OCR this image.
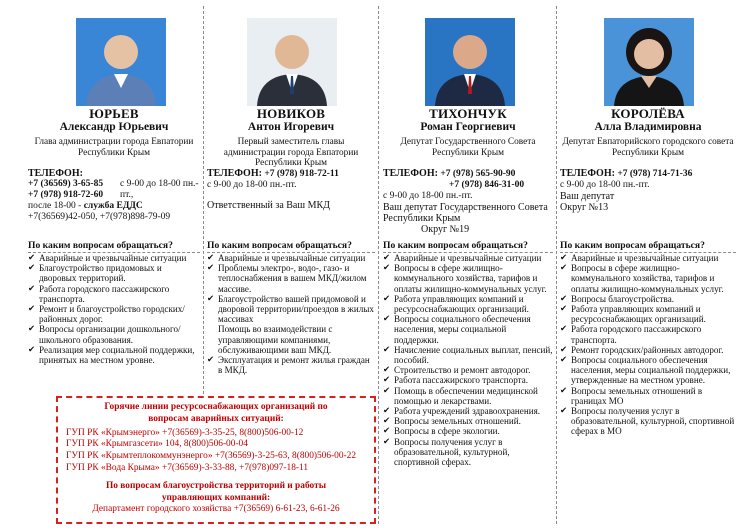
ЮРЬЕВ
Александр Юрьевич
Глава администрации города Евпатории Республики Крым
ТЕЛЕФОН:
+7 (36569) 3-65-85
+7 (978) 918-72-60
с 9-00 до 18-00 пн.-пт.,
после 18-00 - служба ЕДДС
+7(36569)42-050, +7(978)898-79-09
По каким вопросам обращаться?
✔ Аварийные и чрезвычайные ситуации
✔ Благоустройство придомовых и дворовых территорий.
✔ Работа городского пассажирского транспорта.
✔ Ремонт и благоустройство городских/районных дорог.
✔ Вопросы организации дошкольного/школьного образования.
✔ Реализация мер социальной поддержки, принятых на местном уровне.
НОВИКОВ
Антон Игоревич
Первый заместитель главы администрации города Евпатории Республики Крым
ТЕЛЕФОН: +7 (978) 918-72-11
с 9-00 до 18-00 пн.-пт.
Ответственный за Ваш МКД
По каким вопросам обращаться?
✔ Аварийные и чрезвычайные ситуации
✔ Проблемы электро-, водо-, газо- и теплоснабжения в вашем МКД/жилом массиве.
✔ Благоустройство вашей придомовой и дворовой территории/проездов в жилых массивах
Помощь во взаимодействии с управляющими компаниями, обслуживающими ваш МКД.
✔ Эксплуатация и ремонт жилья граждан в МКД.
ТИХОНЧУК
Роман Георгиевич
Депутат Государственного Совета Республики Крым
ТЕЛЕФОН: +7 (978) 565-90-90
+7 (978) 846-31-00
с 9-00 до 18-00 пн.-пт.
Ваш депутат Государственного Совета Республики Крым
Округ №19
По каким вопросам обращаться?
✔ Аварийные и чрезвычайные ситуации
✔ Вопросы в сфере жилищно-коммунального хозяйства, тарифов и оплаты жилищно-коммунальных услуг.
✔ Работа управляющих компаний и ресурсоснабжающих организаций.
✔ Вопросы социального обеспечения населения, меры социальной поддержки.
✔ Начисление социальных выплат, пенсий, пособий.
✔ Строительство и ремонт автодорог.
✔ Работа пассажирского транспорта.
✔ Помощь в обеспечении медицинской помощью и лекарствами.
✔ Работа учреждений здравоохранения.
✔ Вопросы земельных отношений.
✔ Вопросы в сфере экологии.
✔ Вопросы получения услуг в образовательной, культурной, спортивной сферах.
КОРОЛЁВА
Алла Владимировна
Депутат Евпаторийского городского совета Республики Крым
ТЕЛЕФОН: +7 (978) 714-71-36
с 9-00 до 18-00 пн.-пт.
Ваш депутат
Округ №13
По каким вопросам обращаться?
✔ Аварийные и чрезвычайные ситуации
✔ Вопросы в сфере жилищно-коммунального хозяйства, тарифов и оплаты жилищно-коммунальных услуг.
✔ Вопросы благоустройства.
✔ Работа управляющих компаний и ресурсоснабжающих организаций.
✔ Работа городского пассажирского транспорта.
✔ Ремонт городских/районных автодорог.
✔ Вопросы социального обеспечения населения, меры социальной поддержки, утвержденные на местном уровне.
✔ Вопросы земельных отношений в границах МО
✔ Вопросы получения услуг в образовательной, культурной, спортивной сферах в МО
Горячие линии ресурсоснабжающих организаций по вопросам аварийных ситуаций:
ГУП РК «Крымэнерго» +7(36569)-3-35-25, 8(800)506-00-12
ГУП РК «Крымгазсети» 104, 8(800)506-00-04
ГУП РК «Крымтеплокоммунэнерго» +7(36569)-3-25-63, 8(800)506-00-22
ГУП РК «Вода Крыма» +7(36569)-3-33-88, +7(978)097-18-11
По вопросам благоустройства территорий и работы управляющих компаний:
Департамент городского хозяйства +7(36569) 6-61-23, 6-61-26
